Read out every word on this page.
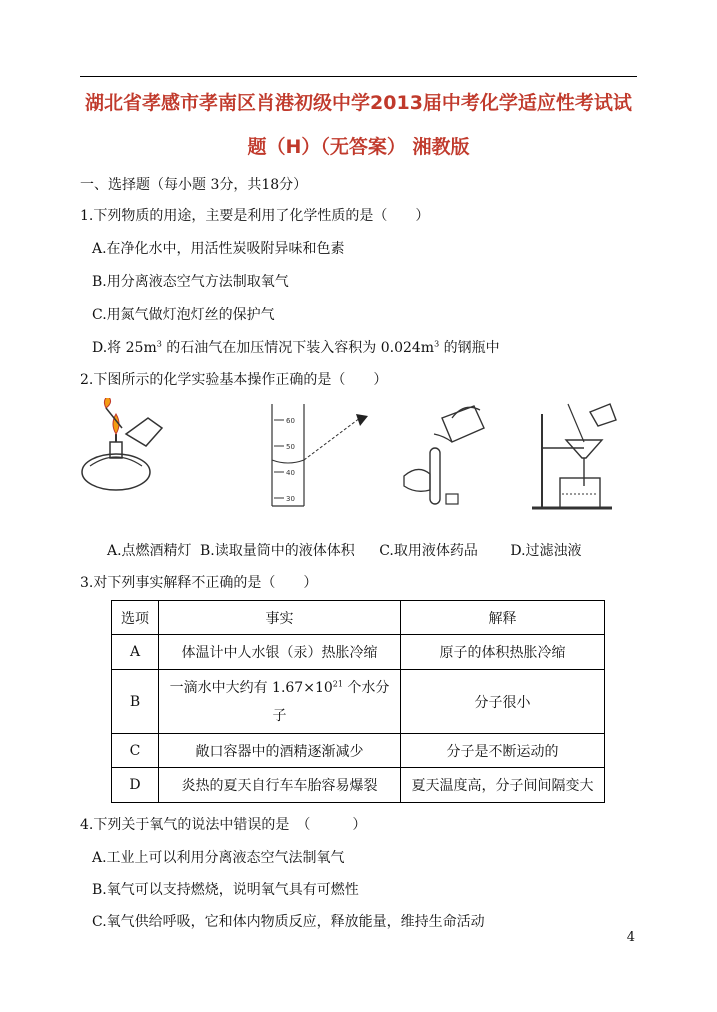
湖北省孝感市孝南区肖港初级中学2013届中考化学适应性考试试
题（H）（无答案） 湘教版
一、选择题（每小题 3分，共18分）
1.下列物质的用途，主要是利用了化学性质的是（　　）
A.在净化水中，用活性炭吸附异味和色素
B.用分离液态空气方法制取氧气
C.用氮气做灯泡灯丝的保护气
D.将 $25m^3$ 的石油气在加压情况下装入容积为 $0.024m^3$ 的钢瓶中
2.下图所示的化学实验基本操作正确的是（　　）
60
50
40
30
A.点燃酒精灯 B.读取量筒中的液体体积 C.取用液体药品 D.过滤浊液
3.对下列事实解释不正确的是（　　）
选项	事实	解释
A	体温计中人水银（汞）热胀冷缩	原子的体积热胀冷缩
B	一滴水中大约有 $1.67\times 10^{21}$ 个水分子	分子很小
C	敞口容器中的酒精逐渐减少	分子是不断运动的
D	炎热的夏天自行车车胎容易爆裂	夏天温度高，分子间间隔变大
4.下列关于氧气的说法中错误的是　（　　　）
A.工业上可以利用分离液态空气法制氧气
B.氧气可以支持燃烧，说明氧气具有可燃性
C.氧气供给呼吸，它和体内物质反应，释放能量，维持生命活动
4
